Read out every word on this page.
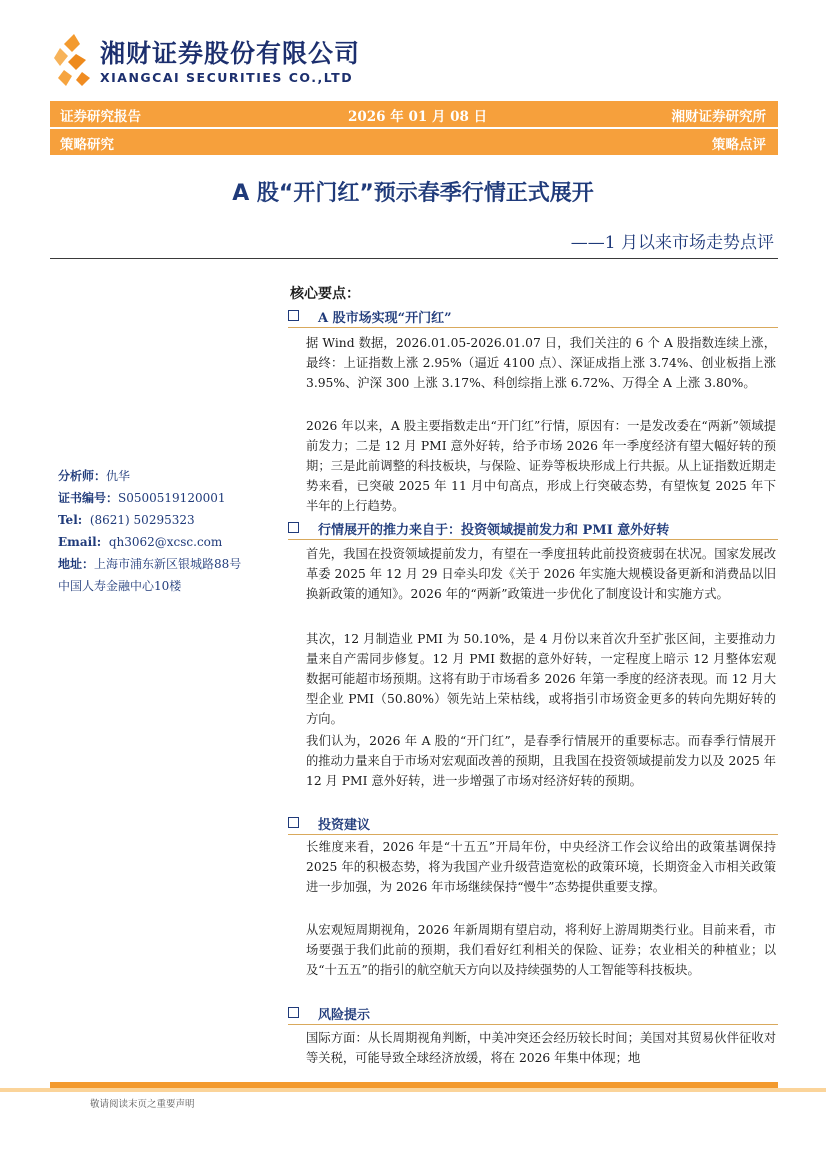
湘财证券股份有限公司
XIANGCAI SECURITIES CO.,LTD
证券研究报告	2026 年 01 月 08 日	湘财证券研究所
策略研究	策略点评
A 股“开门红”预示春季行情正式展开
——1 月以来市场走势点评
分析师：仇华
证书编号：S0500519120001
Tel: (8621) 50295323
Email: qh3062@xcsc.com
地址：上海市浦东新区银城路88号
中国人寿金融中心10楼
核心要点：
A 股市场实现“开门红”
据 Wind 数据，2026.01.05-2026.01.07 日，我们关注的 6 个 A 股指数连续上涨，最终：上证指数上涨 2.95%（逼近 4100 点）、深证成指上涨 3.74%、创业板指上涨 3.95%、沪深 300 上涨 3.17%、科创综指上涨 6.72%、万得全 A 上涨 3.80%。
2026 年以来，A 股主要指数走出“开门红”行情，原因有：一是发改委在“两新”领域提前发力；二是 12 月 PMI 意外好转，给予市场 2026 年一季度经济有望大幅好转的预期；三是此前调整的科技板块，与保险、证券等板块形成上行共振。从上证指数近期走势来看，已突破 2025 年 11 月中旬高点，形成上行突破态势，有望恢复 2025 年下半年的上行趋势。
行情展开的推力来自于：投资领域提前发力和 PMI 意外好转
首先，我国在投资领域提前发力，有望在一季度扭转此前投资疲弱在状况。国家发展改革委 2025 年 12 月 29 日牵头印发《关于 2026 年实施大规模设备更新和消费品以旧换新政策的通知》。2026 年的“两新”政策进一步优化了制度设计和实施方式。
其次，12 月制造业 PMI 为 50.10%，是 4 月份以来首次升至扩张区间，主要推动力量来自产需同步修复。12 月 PMI 数据的意外好转，一定程度上暗示 12 月整体宏观数据可能超市场预期。这将有助于市场看多 2026 年第一季度的经济表现。而 12 月大型企业 PMI（50.80%）领先站上荣枯线，或将指引市场资金更多的转向先期好转的方向。
我们认为，2026 年 A 股的“开门红”，是春季行情展开的重要标志。而春季行情展开的推动力量来自于市场对宏观面改善的预期，且我国在投资领域提前发力以及 2025 年 12 月 PMI 意外好转，进一步增强了市场对经济好转的预期。
投资建议
长维度来看，2026 年是“十五五”开局年份，中央经济工作会议给出的政策基调保持 2025 年的积极态势，将为我国产业升级营造宽松的政策环境，长期资金入市相关政策进一步加强，为 2026 年市场继续保持“慢牛”态势提供重要支撑。
从宏观短周期视角，2026 年新周期有望启动，将利好上游周期类行业。目前来看，市场要强于我们此前的预期，我们看好红利相关的保险、证券；农业相关的种植业；以及“十五五”的指引的航空航天方向以及持续强势的人工智能等科技板块。
风险提示
国际方面：从长周期视角判断，中美冲突还会经历较长时间；美国对其贸易伙伴征收对等关税，可能导致全球经济放缓，将在 2026 年集中体现；地
敬请阅读末页之重要声明
